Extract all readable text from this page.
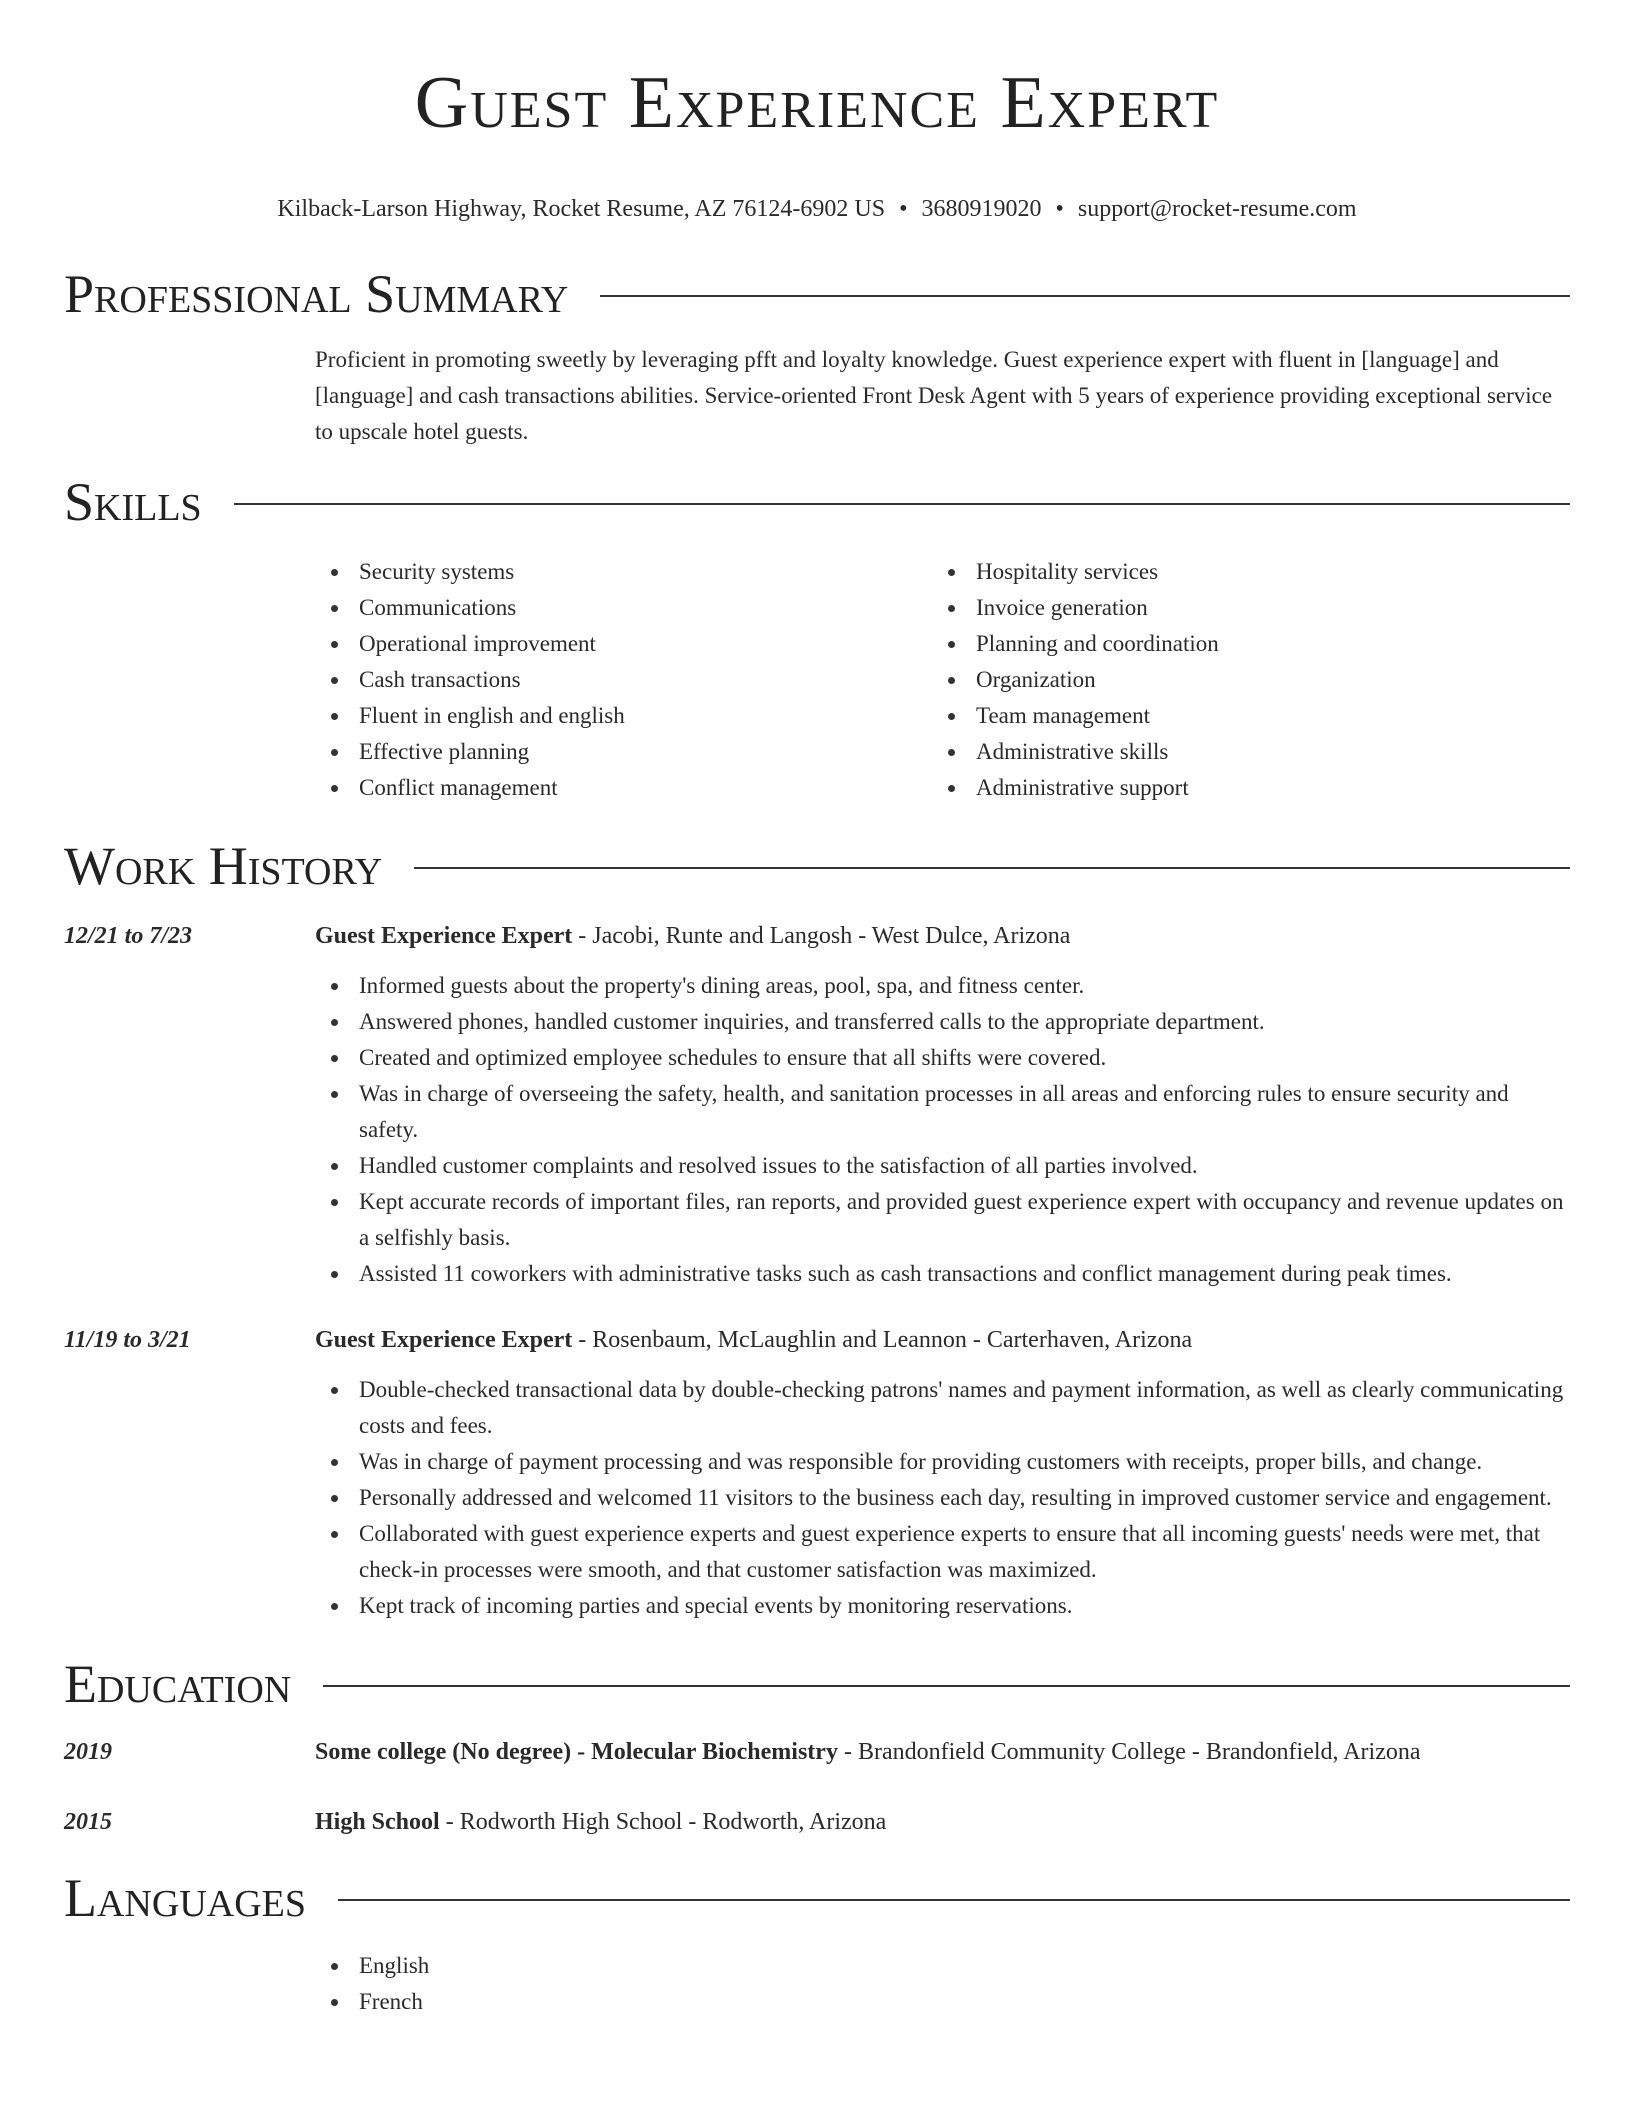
Guest Experience Expert
Kilback-Larson Highway, Rocket Resume, AZ 76124-6902 US • 3680919020 • support@rocket-resume.com
Professional Summary

Proficient in promoting sweetly by leveraging pfft and loyalty knowledge. Guest experience expert with fluent in [language] and [language] and cash transactions abilities. Service-oriented Front Desk Agent with 5 years of experience providing exceptional service to upscale hotel guests.

Skills
Security systems
Communications
Operational improvement
Cash transactions
Fluent in english and english
Effective planning
Conflict management
Hospitality services
Invoice generation
Planning and coordination
Organization
Team management
Administrative skills
Administrative support
Work History
12/21 to 7/23	Guest Experience Expert - Jacobi, Runte and Langosh - West Dulce, Arizona
Informed guests about the property's dining areas, pool, spa, and fitness center.
Answered phones, handled customer inquiries, and transferred calls to the appropriate department.
Created and optimized employee schedules to ensure that all shifts were covered.
Was in charge of overseeing the safety, health, and sanitation processes in all areas and enforcing rules to ensure security and safety.
Handled customer complaints and resolved issues to the satisfaction of all parties involved.
Kept accurate records of important files, ran reports, and provided guest experience expert with occupancy and revenue updates on a selfishly basis.
Assisted 11 coworkers with administrative tasks such as cash transactions and conflict management during peak times.
11/19 to 3/21	Guest Experience Expert - Rosenbaum, McLaughlin and Leannon - Carterhaven, Arizona
Double-checked transactional data by double-checking patrons' names and payment information, as well as clearly communicating costs and fees.
Was in charge of payment processing and was responsible for providing customers with receipts, proper bills, and change.
Personally addressed and welcomed 11 visitors to the business each day, resulting in improved customer service and engagement.
Collaborated with guest experience experts and guest experience experts to ensure that all incoming guests' needs were met, that check-in processes were smooth, and that customer satisfaction was maximized.
Kept track of incoming parties and special events by monitoring reservations.
Education
2019	Some college (No degree) - Molecular Biochemistry - Brandonfield Community College - Brandonfield, Arizona
2015	High School - Rodworth High School - Rodworth, Arizona
Languages
English
French
